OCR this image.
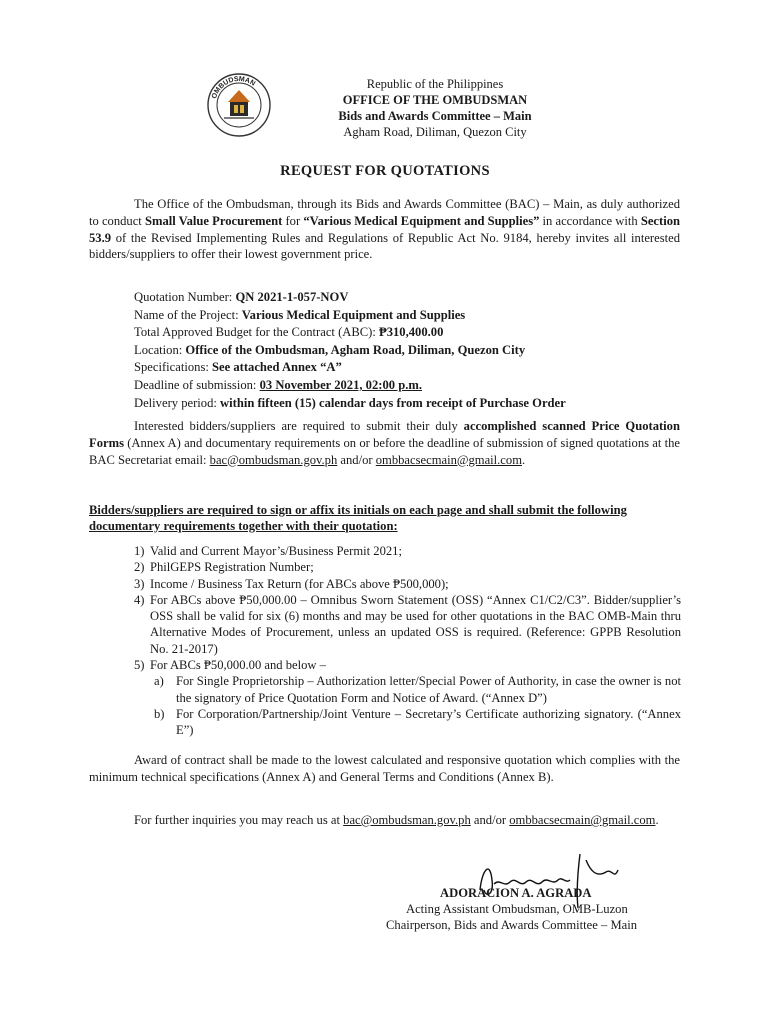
OMBUDSMAN	Republic of the Philippines
OFFICE OF THE OMBUDSMAN
Bids and Awards Committee – Main
Agham Road, Diliman, Quezon City
REQUEST FOR QUOTATIONS

The Office of the Ombudsman, through its Bids and Awards Committee (BAC) – Main, as duly authorized to conduct Small Value Procurement for “Various Medical Equipment and Supplies” in accordance with Section 53.9 of the Revised Implementing Rules and Regulations of Republic Act No. 9184, hereby invites all interested bidders/suppliers to offer their lowest government price.

Quotation Number: QN 2021-1-057-NOV
Name of the Project: Various Medical Equipment and Supplies
Total Approved Budget for the Contract (ABC): ₱310,400.00
Location: Office of the Ombudsman, Agham Road, Diliman, Quezon City
Specifications: See attached Annex “A”
Deadline of submission: 03 November 2021, 02:00 p.m.
Delivery period: within fifteen (15) calendar days from receipt of Purchase Order

Interested bidders/suppliers are required to submit their duly accomplished scanned Price Quotation Forms (Annex A) and documentary requirements on or before the deadline of submission of signed quotations at the BAC Secretariat email: bac@ombudsman.gov.ph and/or ombbacsecmain@gmail.com.

Bidders/suppliers are required to sign or affix its initials on each page and shall submit the following documentary requirements together with their quotation:
1) Valid and Current Mayor’s/Business Permit 2021;
2) PhilGEPS Registration Number;
3) Income / Business Tax Return (for ABCs above ₱500,000);
4) For ABCs above ₱50,000.00 – Omnibus Sworn Statement (OSS) “Annex C1/C2/C3”. Bidder/supplier’s OSS shall be valid for six (6) months and may be used for other quotations in the BAC OMB-Main thru Alternative Modes of Procurement, unless an updated OSS is required. (Reference: GPPB Resolution No. 21-2017)
5) For ABCs ₱50,000.00 and below –
a) For Single Proprietorship – Authorization letter/Special Power of Authority, in case the owner is not the signatory of Price Quotation Form and Notice of Award. (“Annex D”)
b) For Corporation/Partnership/Joint Venture – Secretary’s Certificate authorizing signatory. (“Annex E”)
Award of contract shall be made to the lowest calculated and responsive quotation which complies with the minimum technical specifications (Annex A) and General Terms and Conditions (Annex B).

For further inquiries you may reach us at bac@ombudsman.gov.ph and/or ombbacsecmain@gmail.com.

ADORACION A. AGRADA
Acting Assistant Ombudsman, OMB-Luzon
Chairperson, Bids and Awards Committee – Main
